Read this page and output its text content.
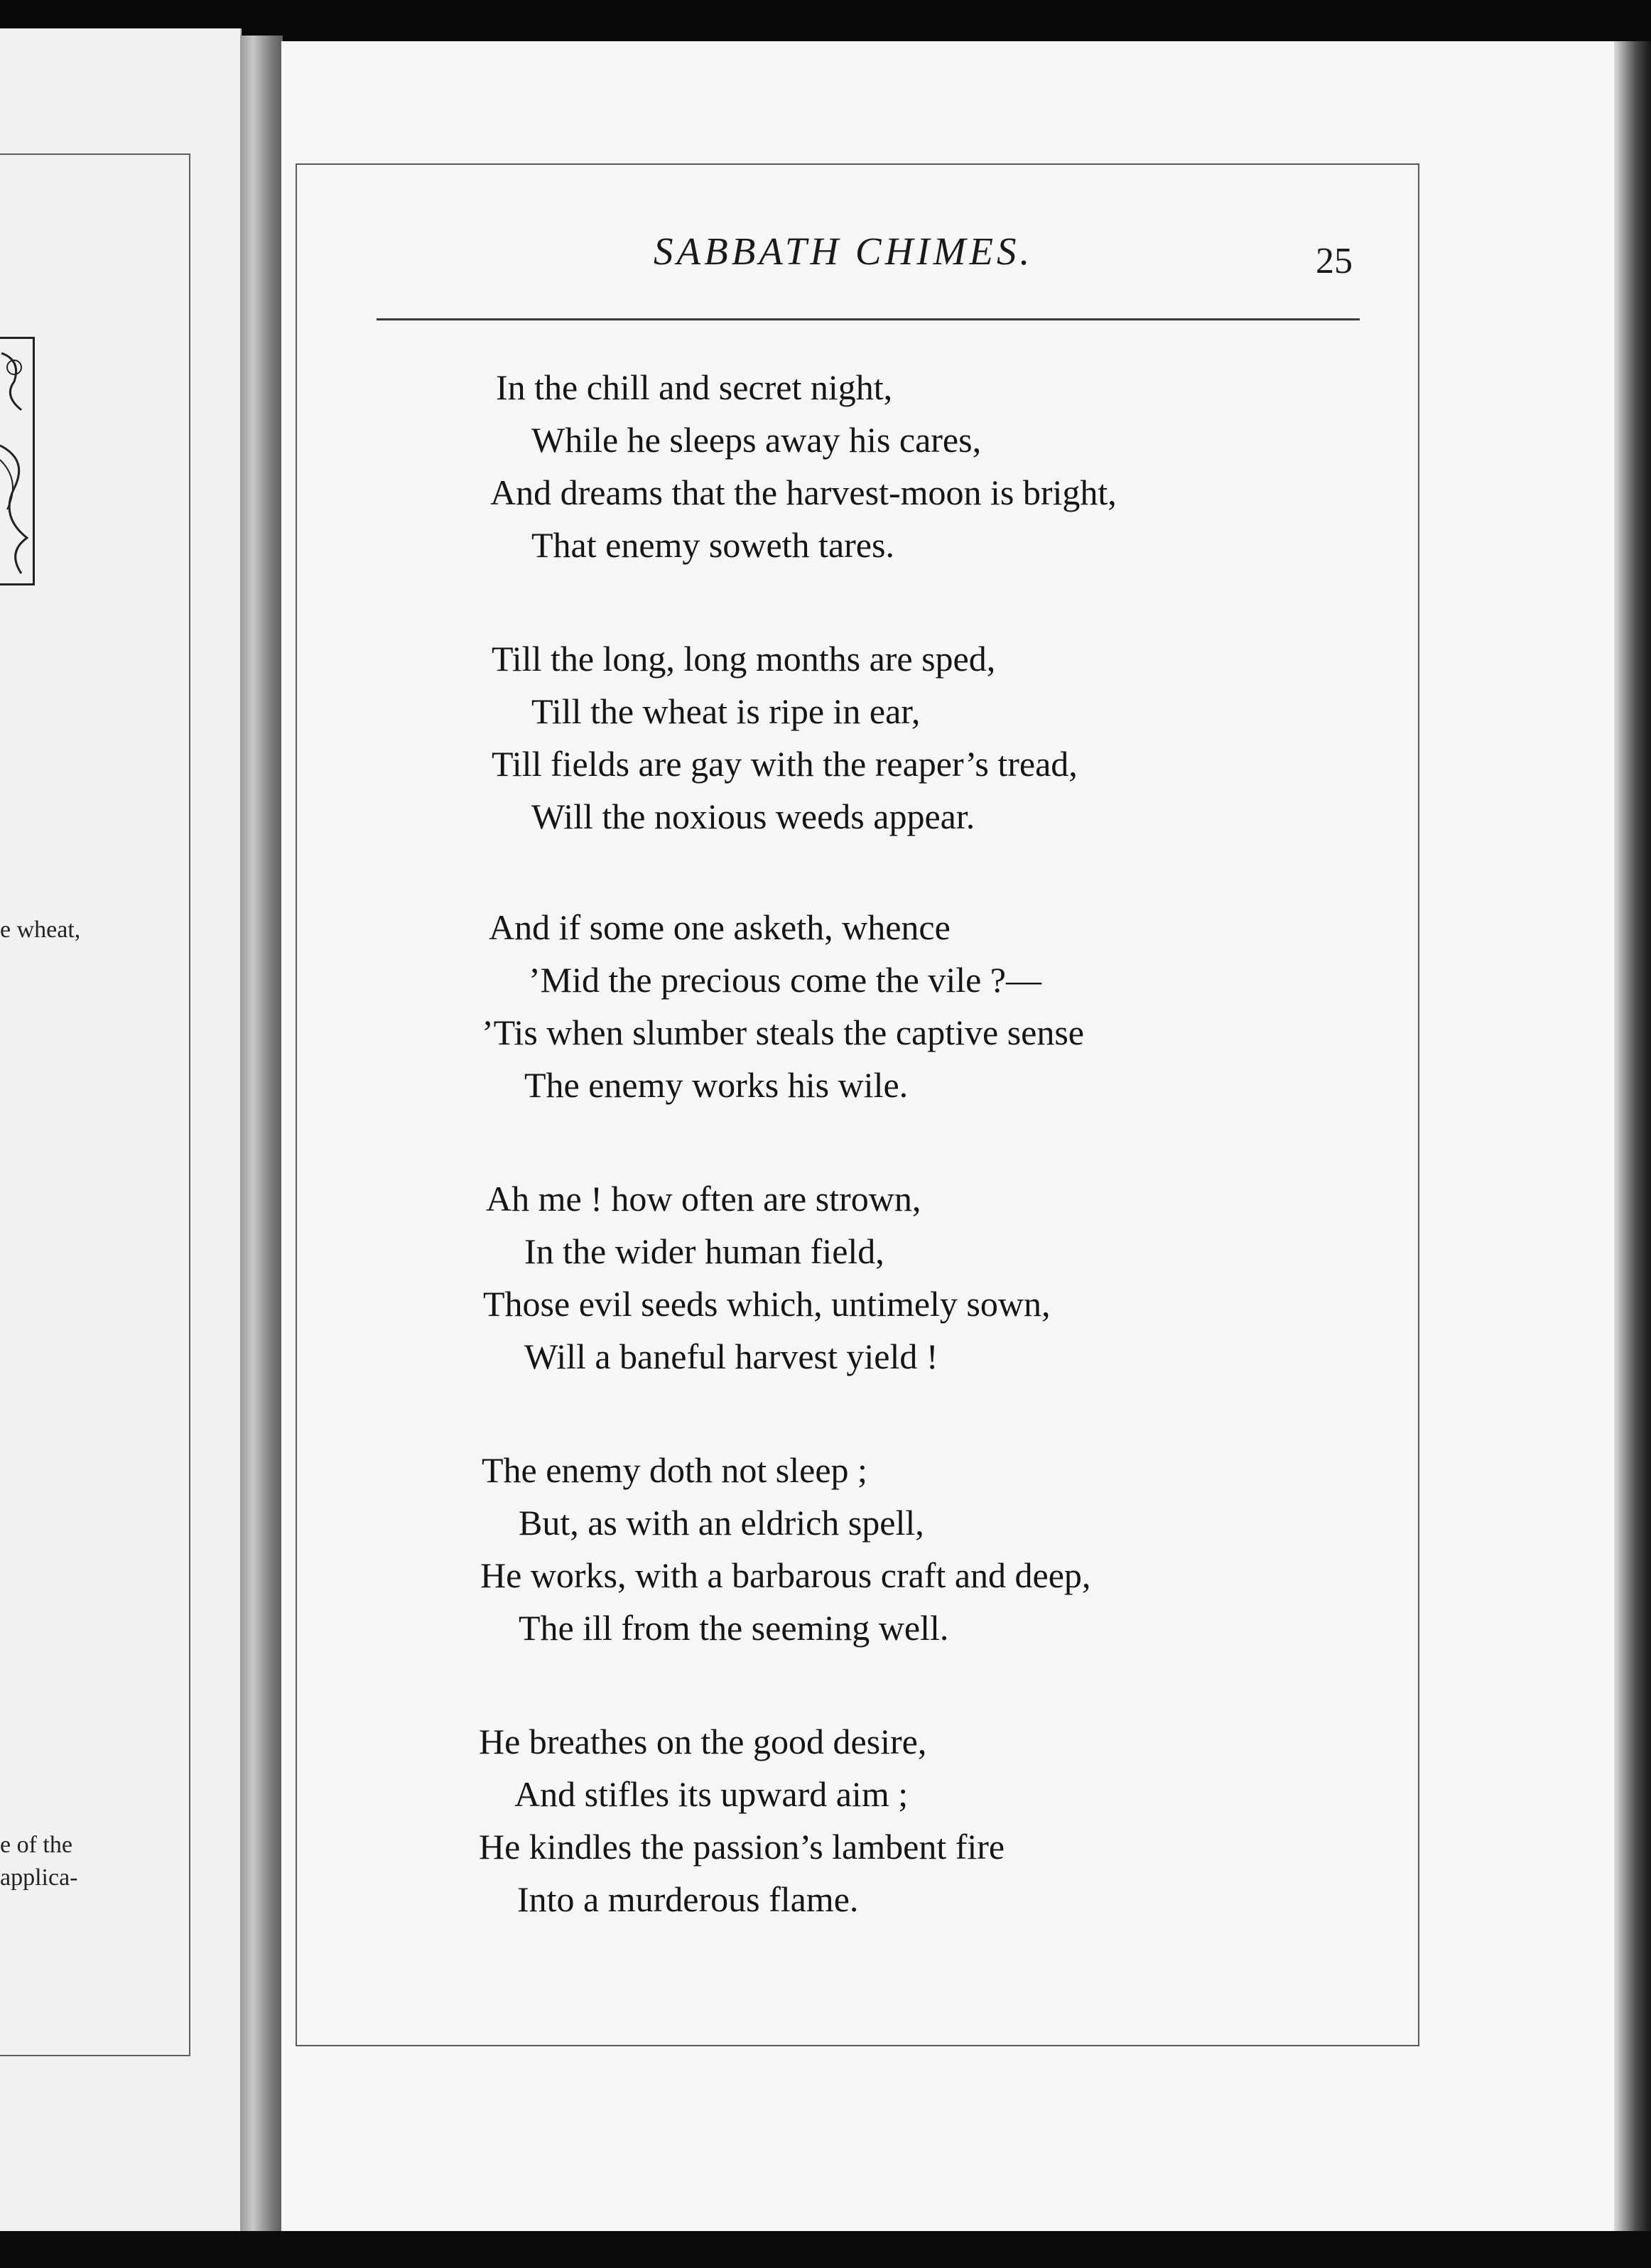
e wheat,
e of the
applica-
SABBATH CHIMES.	25
In the chill and secret night,
While he sleeps away his cares,
And dreams that the harvest-moon is bright,
That enemy soweth tares.
Till the long, long months are sped,
Till the wheat is ripe in ear,
Till fields are gay with the reaper’s tread,
Will the noxious weeds appear.
And if some one asketh, whence
’Mid the precious come the vile ?—
’Tis when slumber steals the captive sense
The enemy works his wile.
Ah me ! how often are strown,
In the wider human field,
Those evil seeds which, untimely sown,
Will a baneful harvest yield !
The enemy doth not sleep ;
But, as with an eldrich spell,
He works, with a barbarous craft and deep,
The ill from the seeming well.
He breathes on the good desire,
And stifles its upward aim ;
He kindles the passion’s lambent fire
Into a murderous flame.
